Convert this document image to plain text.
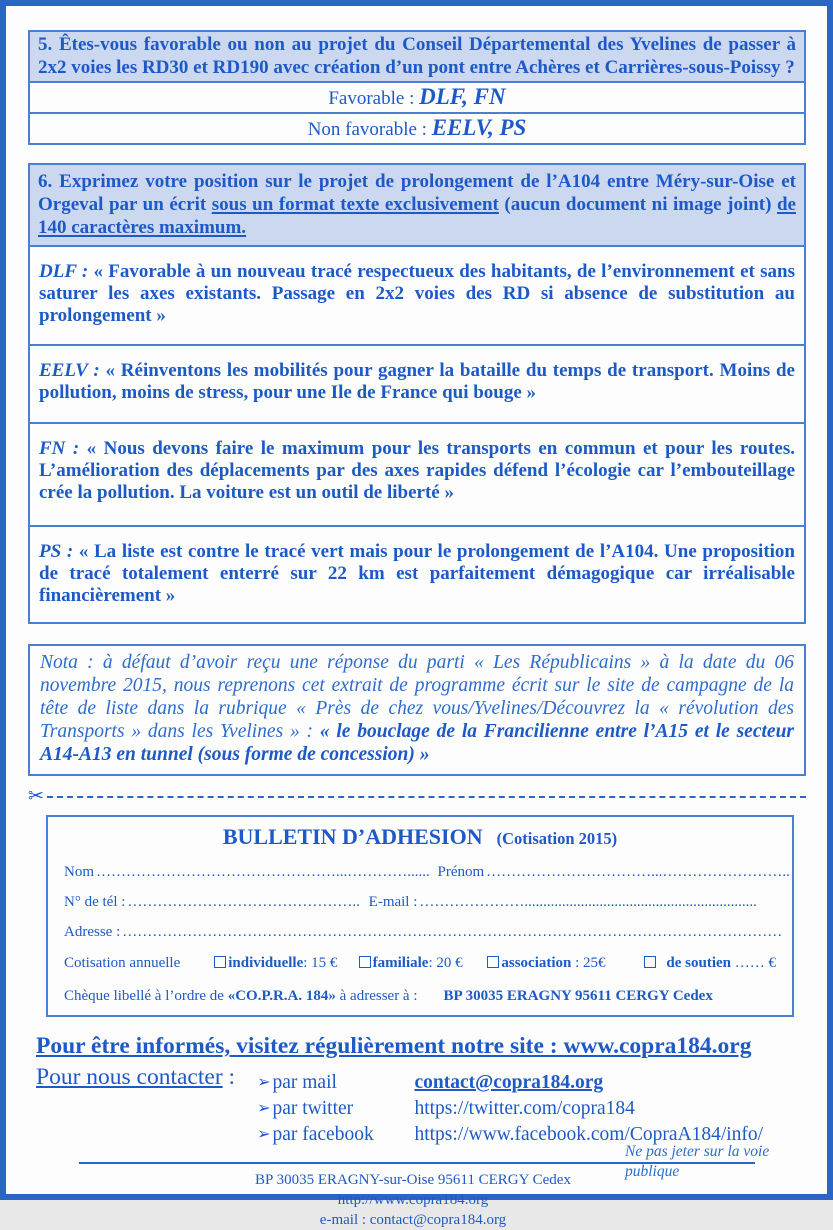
5. Êtes-vous favorable ou non au projet du Conseil Départemental des Yvelines de passer à 2x2 voies les RD30 et RD190 avec création d’un pont entre Achères et Carrières-sous-Poissy ?
Favorable : DLF, FN
Non favorable : EELV, PS
6. Exprimez votre position sur le projet de prolongement de l’A104 entre Méry-sur-Oise et Orgeval par un écrit sous un format texte exclusivement (aucun document ni image joint) de 140 caractères maximum.
DLF : « Favorable à un nouveau tracé respectueux des habitants, de l’environnement et sans saturer les axes existants. Passage en 2x2 voies des RD si absence de substitution au prolongement »
EELV : « Réinventons les mobilités pour gagner la bataille du temps de transport. Moins de pollution, moins de stress, pour une Ile de France qui bouge »
FN : « Nous devons faire le maximum pour les transports en commun et pour les routes. L’amélioration des déplacements par des axes rapides défend l’écologie car l’embouteillage crée la pollution. La voiture est un outil de liberté »
PS : « La liste est contre le tracé vert mais pour le prolongement de l’A104. Une proposition de tracé totalement enterré sur 22 km est parfaitement démagogique car irréalisable financièrement »
Nota : à défaut d’avoir reçu une réponse du parti « Les Républicains » à la date du 06 novembre 2015, nous reprenons cet extrait de programme écrit sur le site de campagne de la tête de liste dans la rubrique « Près de chez vous/Yvelines/Découvrez la « révolution des Transports » dans les Yvelines » : « le bouclage de la Francilienne entre l’A15 et le secteur A14-A13 en tunnel (sous forme de concession) »
✂
BULLETIN D’ADHESION (Cotisation 2015)
Nom …………………………………………...…………...... Prénom ……………………………...……………………..
N° de tél : ……………………………………….. E-mail : …………………..............................................................
Adresse : ……………………………………………………………………………………………………………………
Cotisation annuelle	individuelle: 15 €	familiale: 20 €	association : 25€	de soutien …… €
Chèque libellé à l’ordre de «CO.P.R.A. 184» à adresser à : BP 30035 ERAGNY 95611 CERGY Cedex
Pour être informés, visitez régulièrement notre site : www.copra184.org
Pour nous contacter : ➢ par mail	contact@copra184.org
➢ par twitter	https://twitter.com/copra184
➢ par facebook	https://www.facebook.com/CopraA184/info/
BP 30035 ERAGNY-sur-Oise 95611 CERGY Cedex
http://www.copra184.org
e-mail : contact@copra184.org
Ne pas jeter sur la voie publique
